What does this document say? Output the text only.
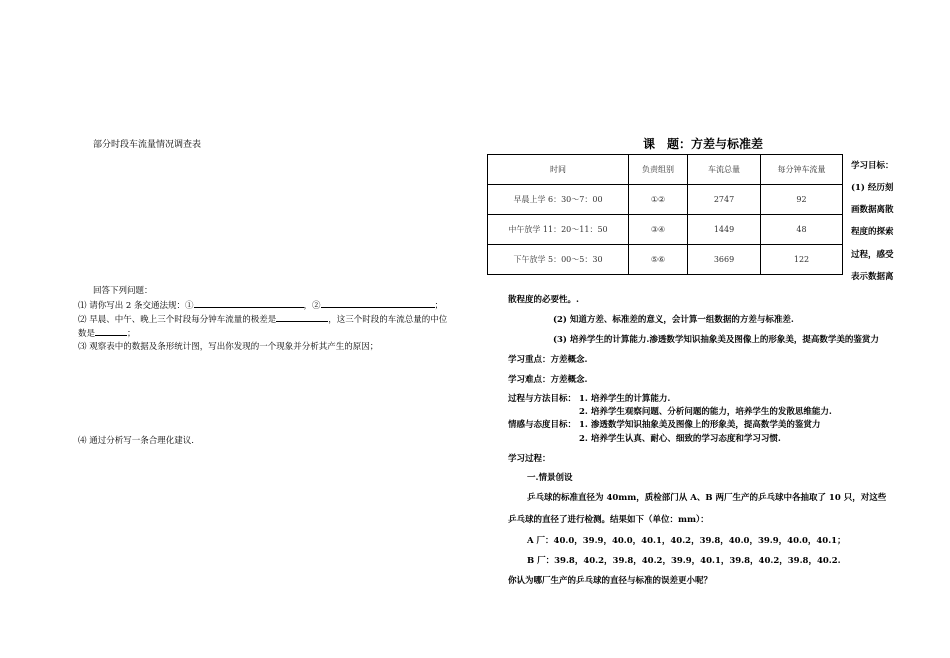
部分时段车流量情况调查表
回答下列问题：
⑴ 请你写出 2 条交通法规：①	，②	；
⑵ 早晨、中午、晚上三个时段每分钟车流量的极差是	，这三个时段的车流总量的中位
数是	；
⑶ 观察表中的数据及条形统计图，写出你发现的一个现象并分析其产生的原因；
⑷ 通过分析写一条合理化建议.
课　题：方差与标准差
时间	负责组别	车流总量	每分钟车流量
早晨上学 6：30～7：00	①②	2747	92
中午放学 11：20～11：50	③④	1449	48
下午放学 5：00～5：30	⑤⑥	3669	122
学习目标：
(1) 经历刻
画数据离散
程度的探索
过程，感受
表示数据离
散程度的必要性。.
(2) 知道方差、标准差的意义，会计算一组数据的方差与标准差.
(3) 培养学生的计算能力.渗透数学知识抽象美及图像上的形象美，提高数学美的鉴赏力
学习重点：方差概念.
学习难点：方差概念.
过程与方法目标： 1. 培养学生的计算能力.
2. 培养学生观察问题、分析问题的能力，培养学生的发散思维能力.
情感与态度目标： 1. 渗透数学知识抽象美及图像上的形象美，提高数学美的鉴赏力
2. 培养学生认真、耐心、细致的学习态度和学习习惯.
学习过程：
一.情景创设
乒乓球的标准直径为 40mm，质检部门从 A、B 两厂生产的乒乓球中各抽取了 10 只，对这些
乒乓球的直径了进行检测。结果如下（单位：mm）：
A 厂：40.0，39.9，40.0，40.1，40.2，39.8，40.0，39.9，40.0，40.1；
B 厂：39.8，40.2，39.8，40.2，39.9，40.1，39.8，40.2，39.8，40.2.
你认为哪厂生产的乒乓球的直径与标准的误差更小呢？
